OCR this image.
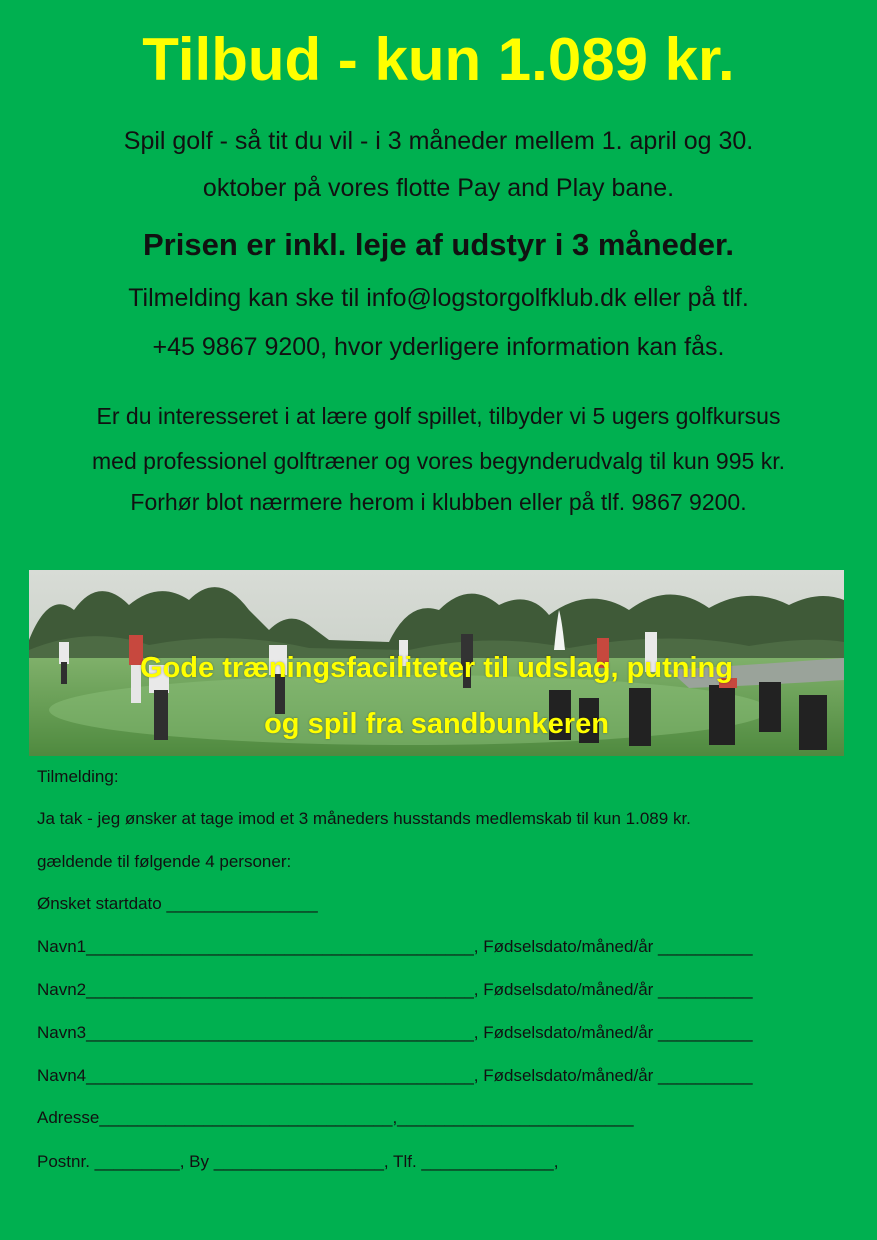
Tilbud - kun 1.089 kr.
Spil golf - så tit du vil - i 3 måneder mellem 1. april og 30.
oktober på vores flotte Pay and Play bane.
Prisen er inkl. leje af udstyr i 3 måneder.
Tilmelding kan ske til info@logstorgolfklub.dk eller på tlf.
+45 9867 9200, hvor yderligere information kan fås.
Er du interesseret i at lære golf spillet, tilbyder vi 5 ugers golfkursus
med professionel golftræner og vores begynderudvalg til kun 995 kr.
Forhør blot nærmere herom i klubben eller på tlf. 9867 9200.
Gode træningsfaciliteter til udslag, putning
og spil fra sandbunkeren
Tilmelding:
Ja tak - jeg ønsker at tage imod et 3 måneders husstands medlemskab til kun 1.089 kr.
gældende til følgende 4 personer:
Ønsket startdato ________________
Navn1_________________________________________, Fødselsdato/måned/år __________
Navn2_________________________________________, Fødselsdato/måned/år __________
Navn3_________________________________________, Fødselsdato/måned/år __________
Navn4_________________________________________, Fødselsdato/måned/år __________
Adresse_______________________________,_________________________
Postnr. _________, By __________________, Tlf. ______________,
